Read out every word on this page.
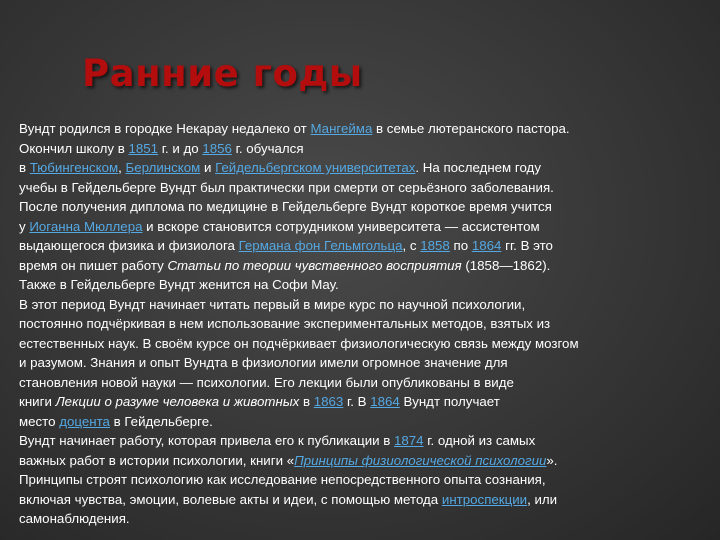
Ранние годы

Вундт родился в городке Некарау недалеко от Мангейма в семье лютеранского пастора.
Окончил школу в 1851 г. и до 1856 г. обучался
в Тюбингенском, Берлинском и Гейдельбергском университетах. На последнем году
учебы в Гейдельберге Вундт был практически при смерти от серьёзного заболевания.
После получения диплома по медицине в Гейдельберге Вундт короткое время учится
у Иоганна Мюллера и вскоре становится сотрудником университета — ассистентом
выдающегося физика и физиолога Германа фон Гельмгольца, с 1858 по 1864 гг. В это
время он пишет работу Статьи по теории чувственного восприятия (1858—1862).
Также в Гейдельберге Вундт женится на Софи Мау.

В этот период Вундт начинает читать первый в мире курс по научной психологии,
постоянно подчёркивая в нем использование экспериментальных методов, взятых из
естественных наук. В своём курсе он подчёркивает физиологическую связь между мозгом
и разумом. Знания и опыт Вундта в физиологии имели огромное значение для
становления новой науки — психологии. Его лекции были опубликованы в виде
книги Лекции о разуме человека и животных в 1863 г. В 1864 Вундт получает
место доцента в Гейдельберге.

Вундт начинает работу, которая привела его к публикации в 1874 г. одной из самых
важных работ в истории психологии, книги «Принципы физиологической психологии».
Принципы строят психологию как исследование непосредственного опыта сознания,
включая чувства, эмоции, волевые акты и идеи, с помощью метода интроспекции, или
самонаблюдения.
